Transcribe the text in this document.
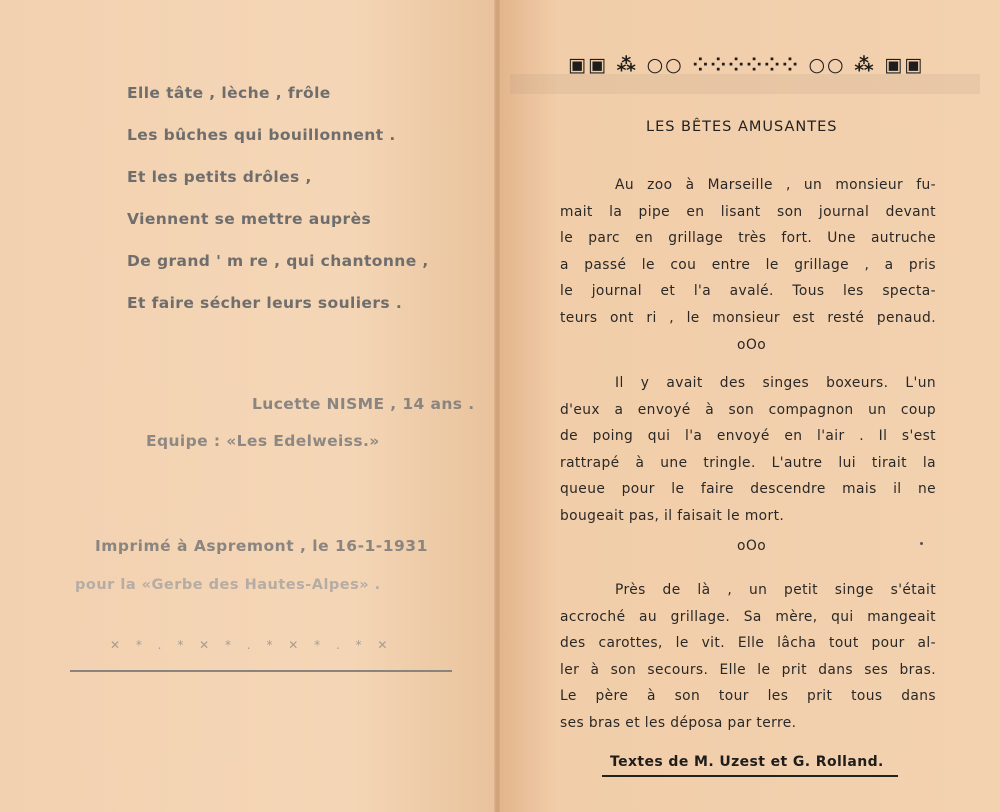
Elle tâte , lèche , frôle
Les bûches qui bouillonnent .
Et les petits drôles ,
Viennent se mettre auprès
De grand ' m re , qui chantonne ,
Et faire sécher leurs souliers .
Lucette NISME , 14 ans .
Equipe : «Les Edelweiss.»
Imprimé à Aspremont , le 16-1-1931
pour la «Gerbe des Hautes-Alpes» .
✕ * . * ✕ * . * ✕ * . * ✕
▣▣ ⁂ ○○ ⁘⁘⁘⁘⁘⁘ ○○ ⁂ ▣▣
LES BÊTES AMUSANTES
Au zoo à Marseille , un monsieur fu-
mait la pipe en lisant son journal devant
le parc en grillage très fort. Une autruche
a passé le cou entre le grillage , a pris
le journal et l'a avalé. Tous les specta-
teurs ont ri , le monsieur est resté penaud.
oOo
Il y avait des singes boxeurs. L'un
d'eux a envoyé à son compagnon un coup
de poing qui l'a envoyé en l'air . Il s'est
rattrapé à une tringle. L'autre lui tirait la
queue pour le faire descendre mais il ne
bougeait pas, il faisait le mort.
oOo
Près de là , un petit singe s'était
accroché au grillage. Sa mère, qui mangeait
des carottes, le vit. Elle lâcha tout pour al-
ler à son secours. Elle le prit dans ses bras.
Le père à son tour les prit tous dans
ses bras et les déposa par terre.
Textes de M. Uzest et G. Rolland.
